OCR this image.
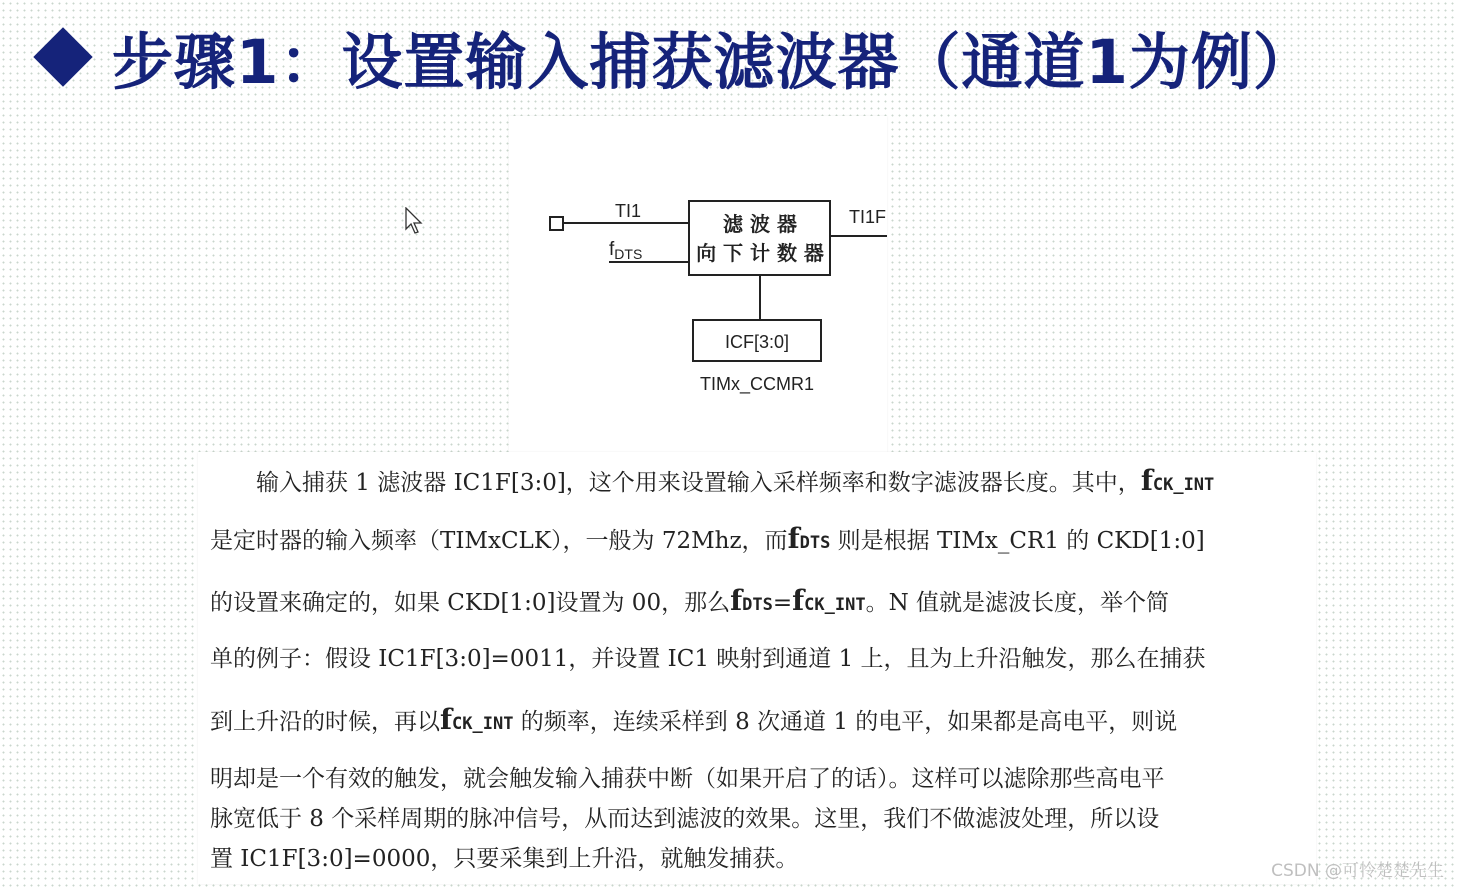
步骤1：设置输入捕获滤波器（通道1为例）
TI1
$f_{DTS}$
滤 波 器
向 下 计 数 器
TI1F
ICF[3:0]
TIMx_CCMR1
　　输入捕获 1 滤波器 IC1F[3:0]，这个用来设置输入采样频率和数字滤波器长度。其中，fCK_INT
是定时器的输入频率（TIMxCLK），一般为 72Mhz，而fDTS 则是根据 TIMx_CR1 的 CKD[1:0]
的设置来确定的，如果 CKD[1:0]设置为 00，那么fDTS=fCK_INT。N 值就是滤波长度，举个简
单的例子：假设 IC1F[3:0]=0011，并设置 IC1 映射到通道 1 上，且为上升沿触发，那么在捕获
到上升沿的时候，再以fCK_INT 的频率，连续采样到 8 次通道 1 的电平，如果都是高电平，则说
明却是一个有效的触发，就会触发输入捕获中断（如果开启了的话）。这样可以滤除那些高电平
脉宽低于 8 个采样周期的脉冲信号，从而达到滤波的效果。这里，我们不做滤波处理，所以设
置 IC1F[3:0]=0000，只要采集到上升沿，就触发捕获。	CSDN @可怜楚楚先生
